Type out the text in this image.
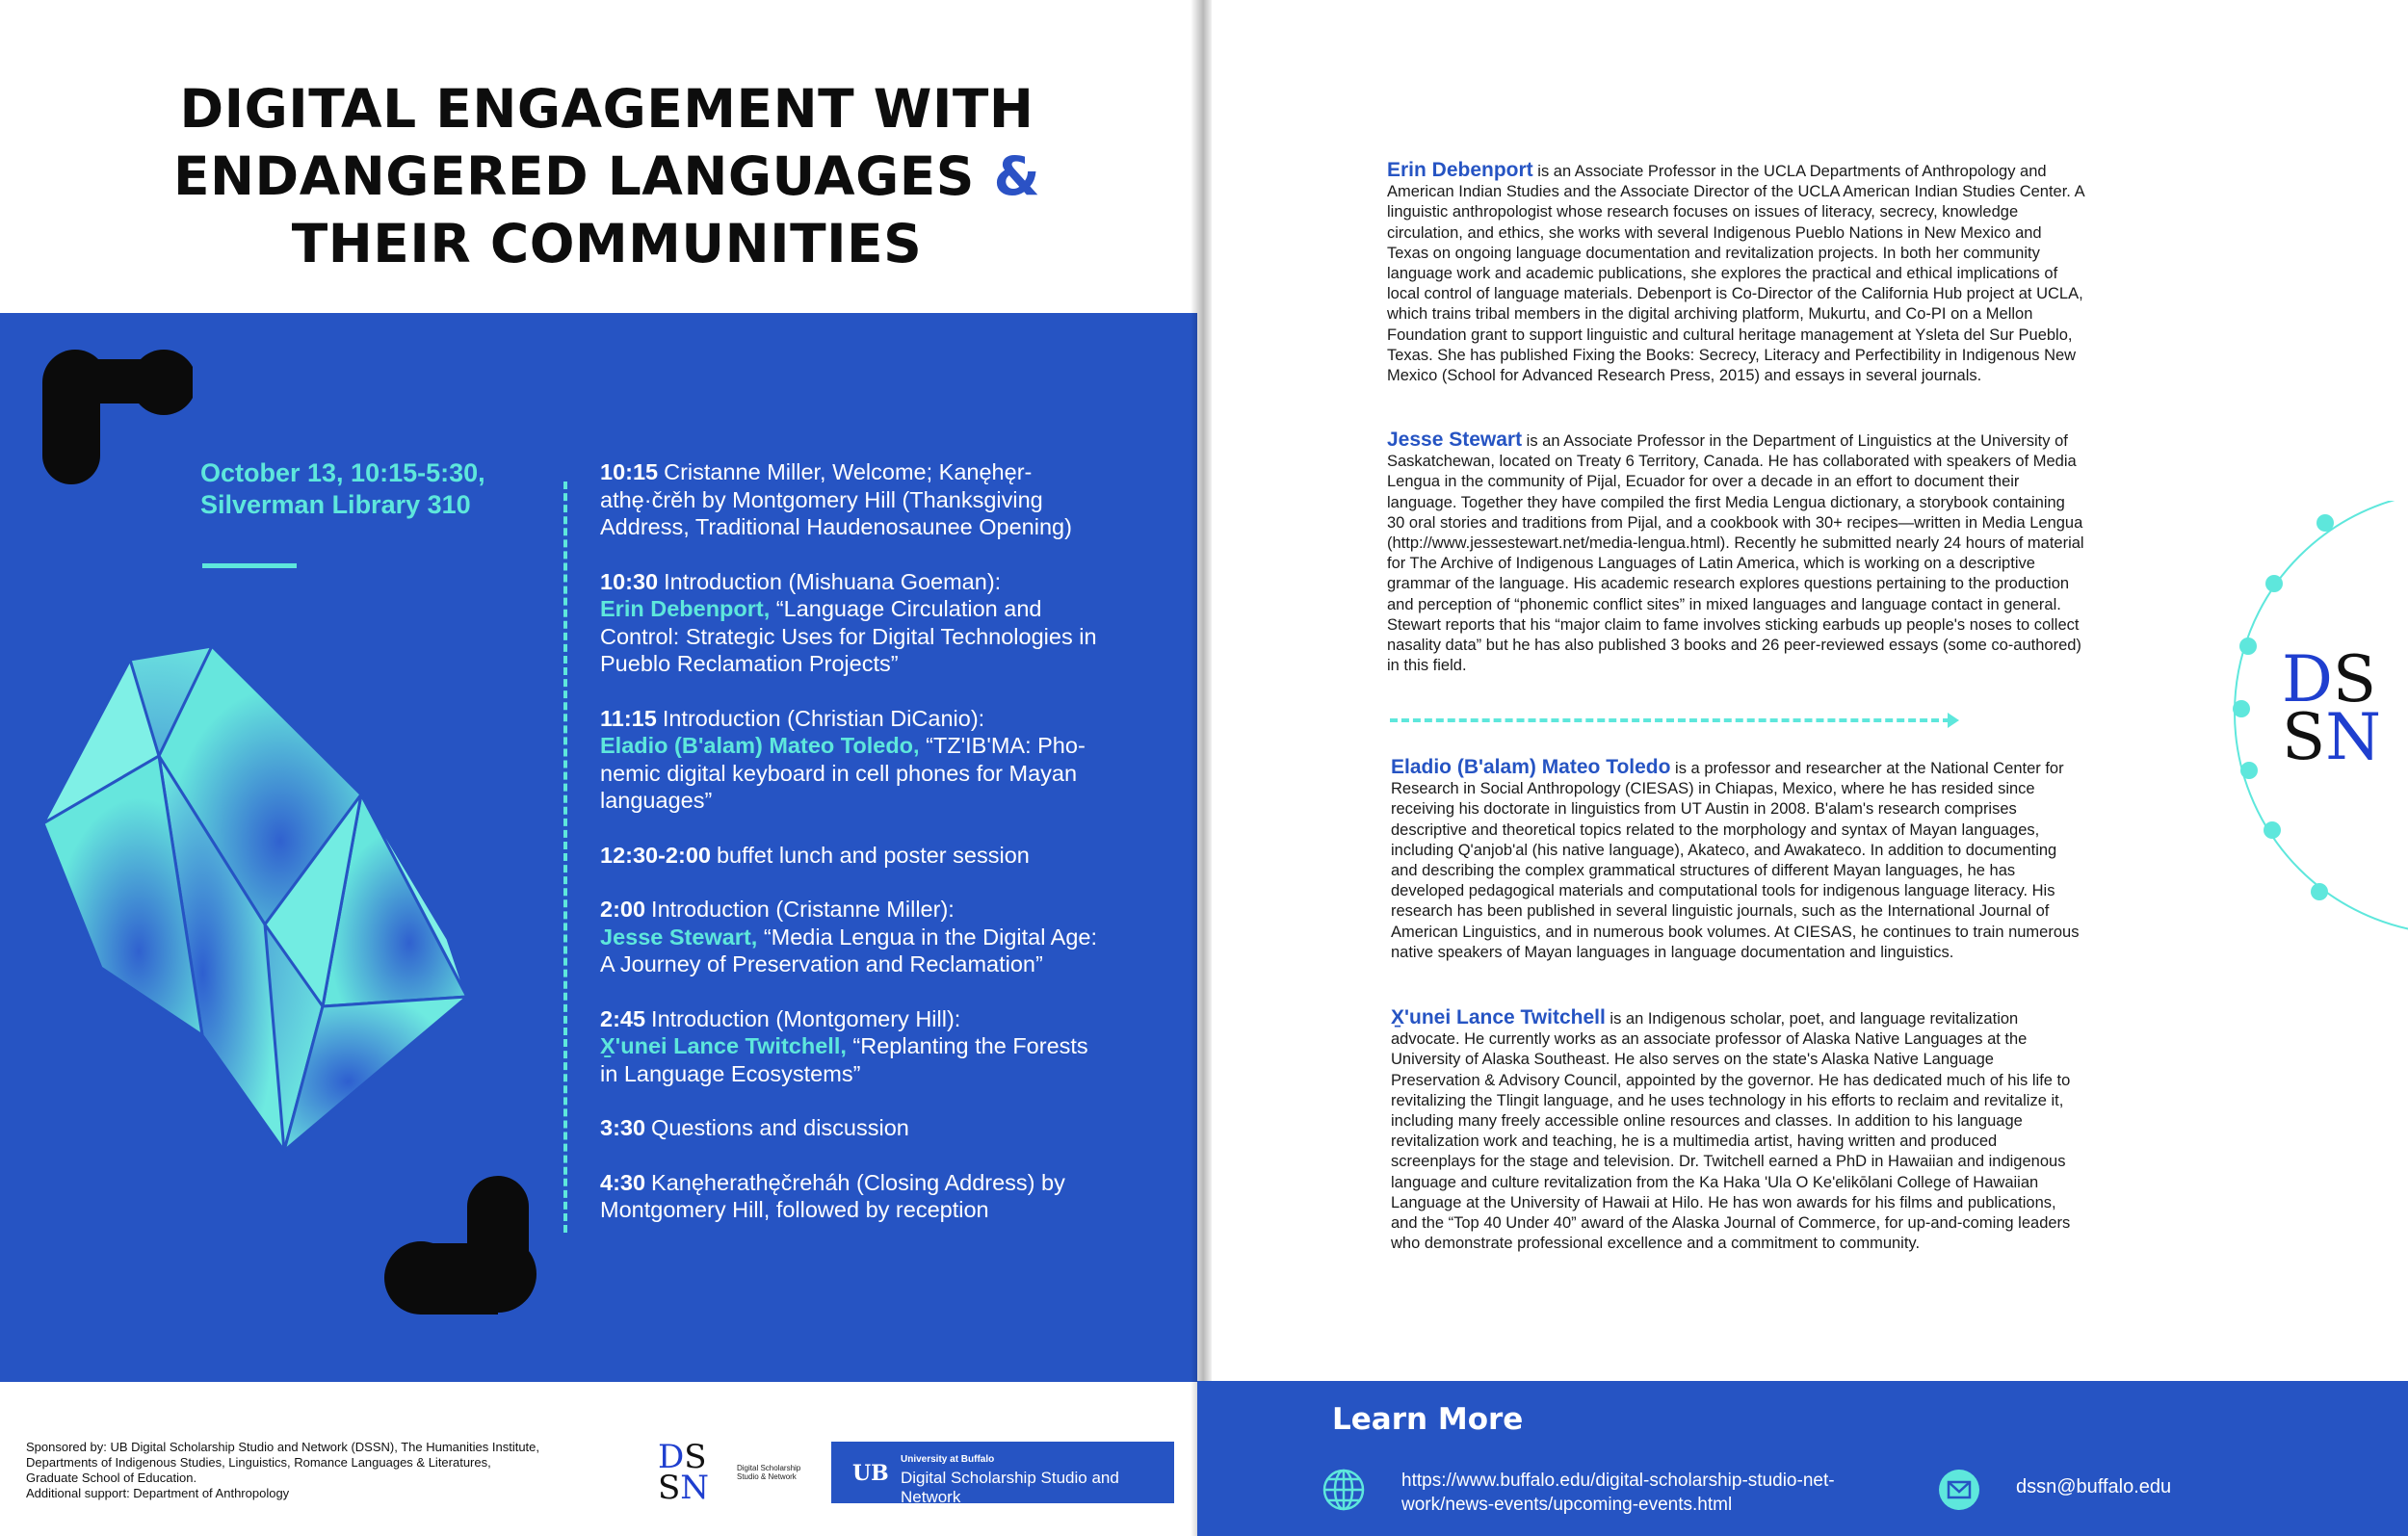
DIGITAL ENGAGEMENT WITH
ENDANGERED LANGUAGES &
THEIR COMMUNITIES
October 13, 10:15-5:30,
Silverman Library 310
10:15 Cristanne Miller, Welcome; Kanęhęrathę·črěh by Montgomery Hill (Thanksgiving Address, Traditional Haudenosaunee Opening)
10:30 Introduction (Mishuana Goeman):
Erin Debenport, “Language Circulation and Control: Strategic Uses for Digital Technologies in Pueblo Reclamation Projects”
11:15 Introduction (Christian DiCanio):
Eladio (B'alam) Mateo Toledo, “TZ'IB'MA: Phonemic digital keyboard in cell phones for Mayan languages”
12:30-2:00 buffet lunch and poster session
2:00 Introduction (Cristanne Miller):
Jesse Stewart, “Media Lengua in the Digital Age: A Journey of Preservation and Reclamation”
2:45 Introduction (Montgomery Hill):
X̱'unei Lance Twitchell, “Replanting the Forests in Language Ecosystems”
3:30 Questions and discussion
4:30 Kanęherathęčreháh (Closing Address) by Montgomery Hill, followed by reception
Sponsored by: UB Digital Scholarship Studio and Network (DSSN), The Humanities Institute,
Departments of Indigenous Studies, Linguistics, Romance Languages & Literatures,
Graduate School of Education.
Additional support: Department of Anthropology
DS
SN
Digital Scholarship
Studio & Network	UB
University at Buffalo
Digital Scholarship Studio and Network
Erin Debenport is an Associate Professor in the UCLA Departments of Anthropology and American Indian Studies and the Associate Director of the UCLA American Indian Studies Center. A linguistic anthropologist whose research focuses on issues of literacy, secrecy, knowledge circulation, and ethics, she works with several Indigenous Pueblo Nations in New Mexico and Texas on ongoing language documentation and revitalization projects. In both her community language work and academic publications, she explores the practical and ethical implications of local control of language materials. Debenport is Co-Director of the California Hub project at UCLA, which trains tribal members in the digital archiving platform, Mukurtu, and Co-PI on a Mellon Foundation grant to support linguistic and cultural heritage management at Ysleta del Sur Pueblo, Texas. She has published Fixing the Books: Secrecy, Literacy and Perfectibility in Indigenous New Mexico (School for Advanced Research Press, 2015) and essays in several journals.
Jesse Stewart is an Associate Professor in the Department of Linguistics at the University of Saskatchewan, located on Treaty 6 Territory, Canada. He has collaborated with speakers of Media Lengua in the community of Pijal, Ecuador for over a decade in an effort to document their language. Together they have compiled the first Media Lengua dictionary, a storybook containing 30 oral stories and traditions from Pijal, and a cookbook with 30+ recipes—written in Media Lengua (http://www.jessestewart.net/media-lengua.html). Recently he submitted nearly 24 hours of material for The Archive of Indigenous Languages of Latin America, which is working on a descriptive grammar of the language. His academic research explores questions pertaining to the production and perception of “phonemic conflict sites” in mixed languages and language contact in general. Stewart reports that his “major claim to fame involves sticking earbuds up people's noses to collect nasality data” but he has also published 3 books and 26 peer-reviewed essays (some co-authored) in this field.
Eladio (B'alam) Mateo Toledo is a professor and researcher at the National Center for Research in Social Anthropology (CIESAS) in Chiapas, Mexico, where he has resided since receiving his doctorate in linguistics from UT Austin in 2008. B'alam's research comprises descriptive and theoretical topics related to the morphology and syntax of Mayan languages, including Q'anjob'al (his native language), Akateco, and Awakateco. In addition to documenting and describing the complex grammatical structures of different Mayan languages, he has developed pedagogical materials and computational tools for indigenous language literacy. His research has been published in several linguistic journals, such as the International Journal of American Linguistics, and in numerous book volumes. At CIESAS, he continues to train numerous native speakers of Mayan languages in language documentation and linguistics.
X̱'unei Lance Twitchell is an Indigenous scholar, poet, and language revitalization advocate. He currently works as an associate professor of Alaska Native Languages at the University of Alaska Southeast. He also serves on the state's Alaska Native Language Preservation & Advisory Council, appointed by the governor. He has dedicated much of his life to revitalizing the Tlingit language, and he uses technology in his efforts to reclaim and revitalize it, including many freely accessible online resources and classes. In addition to his language revitalization work and teaching, he is a multimedia artist, having written and produced screenplays for the stage and television. Dr. Twitchell earned a PhD in Hawaiian and indigenous language and culture revitalization from the Ka Haka 'Ula O Ke'elikōlani College of Hawaiian Language at the University of Hawaii at Hilo. He has won awards for his films and publications, and the “Top 40 Under 40” award of the Alaska Journal of Commerce, for up-and-coming leaders who demonstrate professional excellence and a commitment to community.
DS
SN
Learn More
https://www.buffalo.edu/digital-scholarship-studio-net-
work/news-events/upcoming-events.html
dssn@buffalo.edu
